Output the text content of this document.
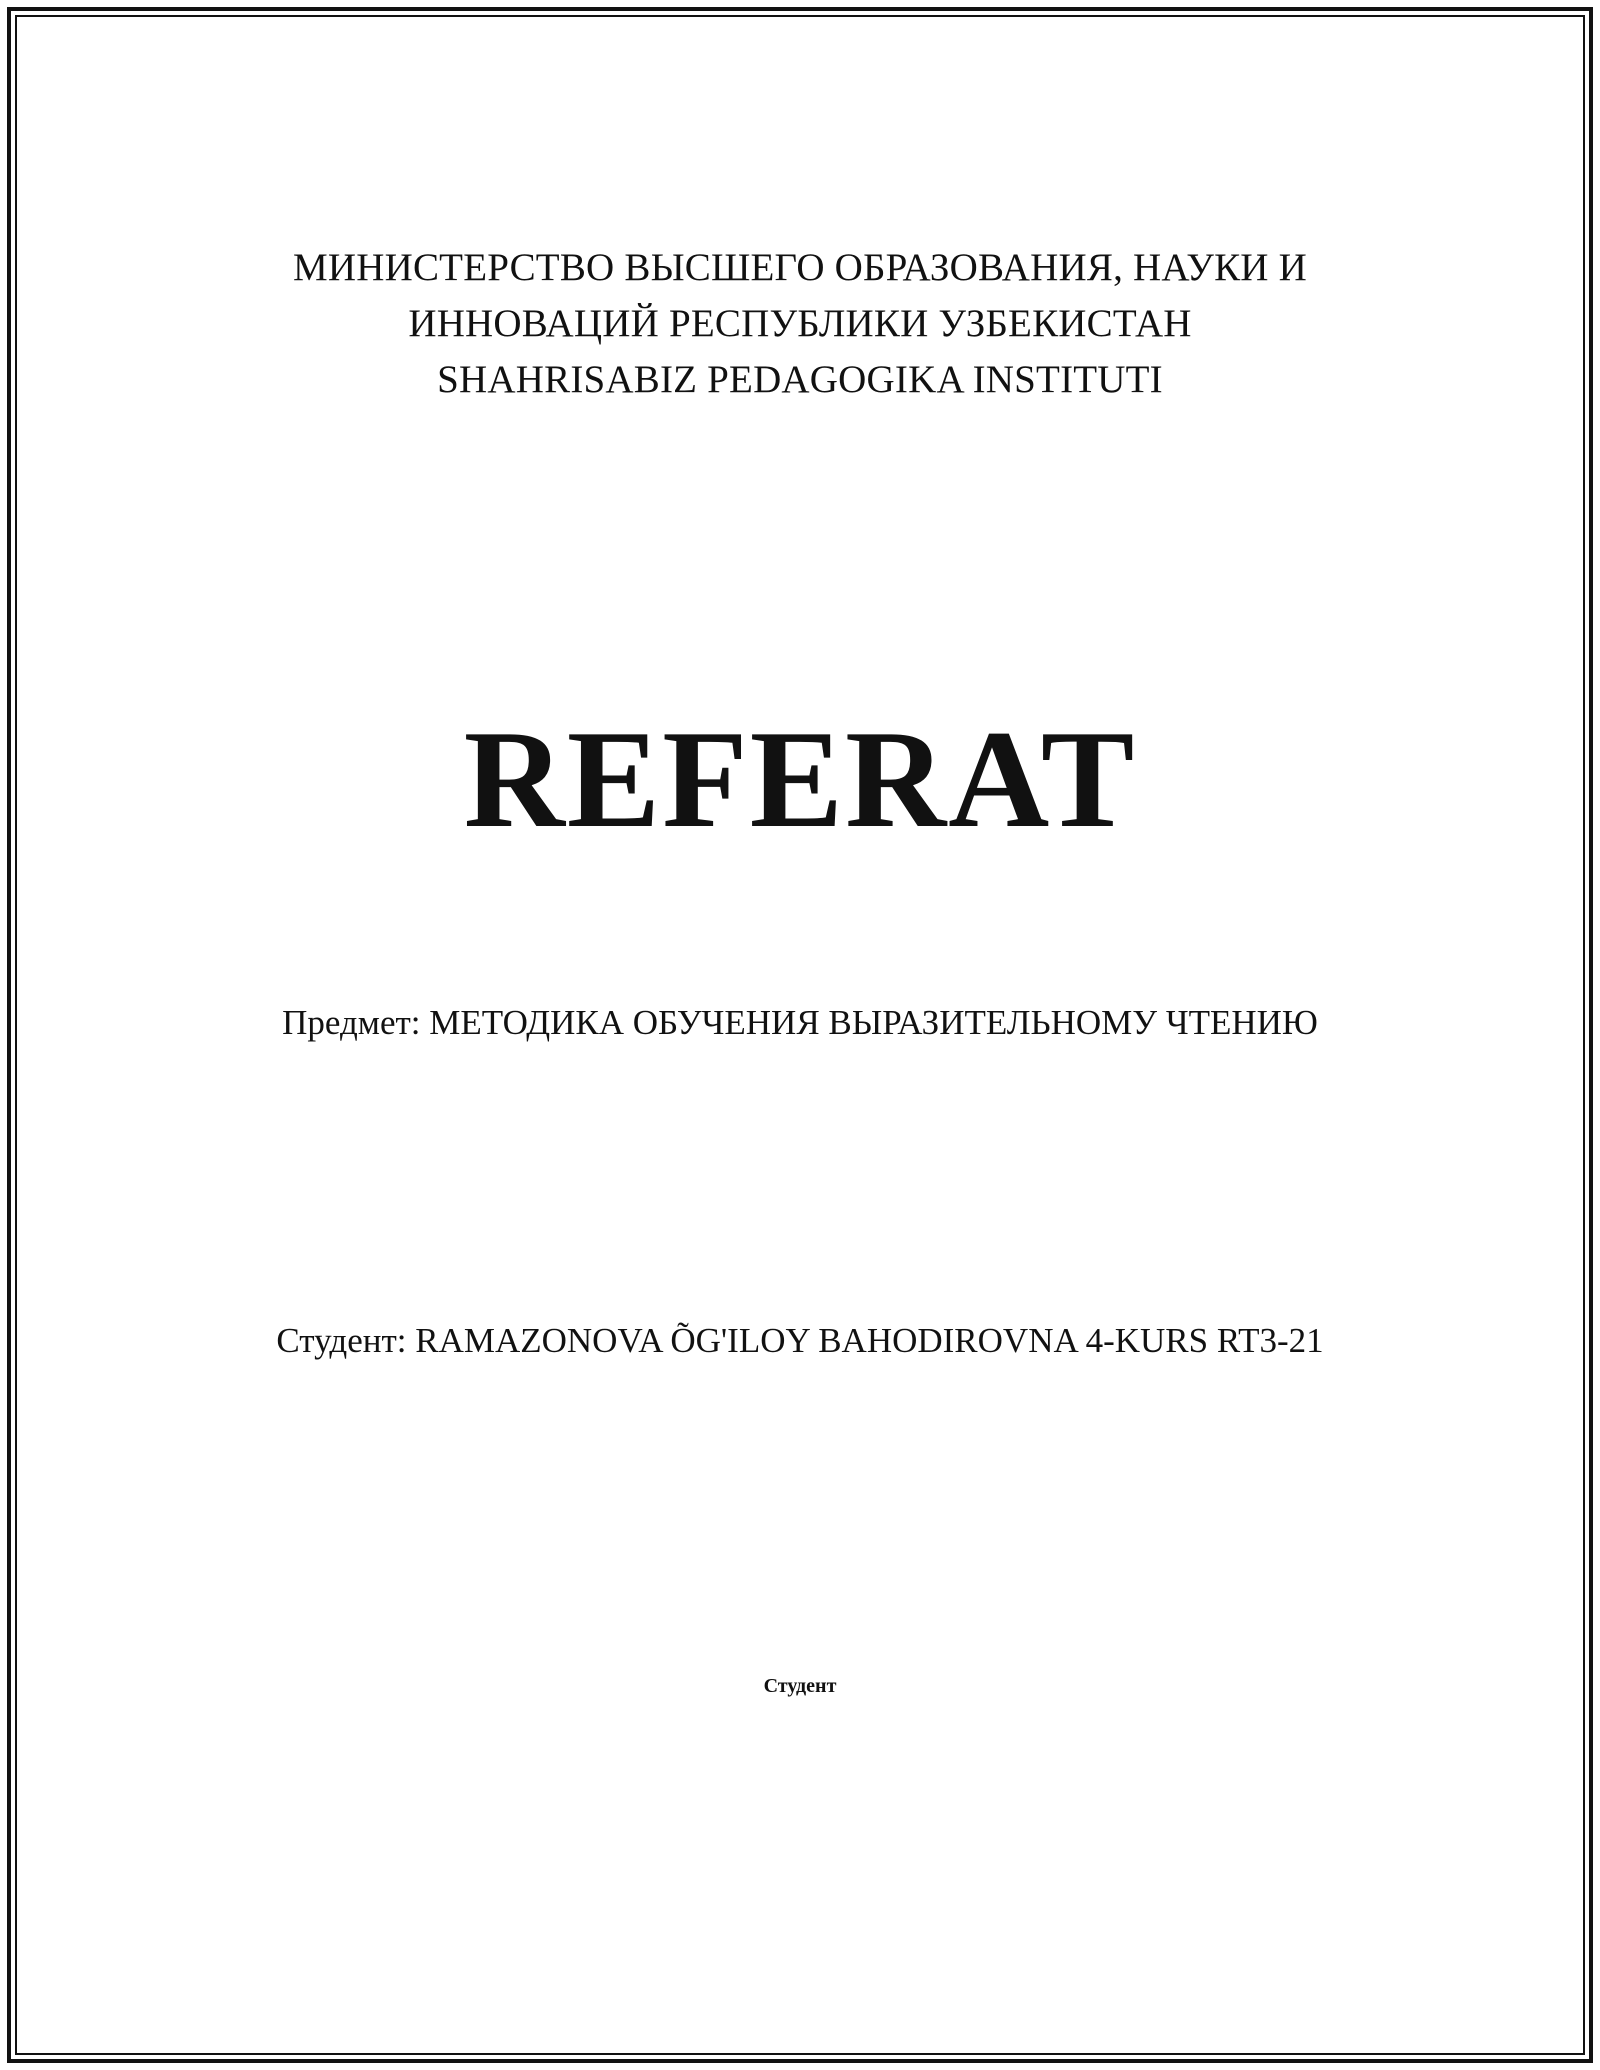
МИНИСТЕРСТВО ВЫСШЕГО ОБРАЗОВАНИЯ, НАУКИ И
ИННОВАЦИЙ РЕСПУБЛИКИ УЗБЕКИСТАН
SHAHRISABIZ PEDAGOGIKA INSTITUTI
REFERAT
Предмет: МЕТОДИКА ОБУЧЕНИЯ ВЫРАЗИТЕЛЬНОМУ ЧТЕНИЮ
Студент: RAMAZONOVA ÕG'ILOY BAHODIROVNA 4-KURS RT3-21
Студент
